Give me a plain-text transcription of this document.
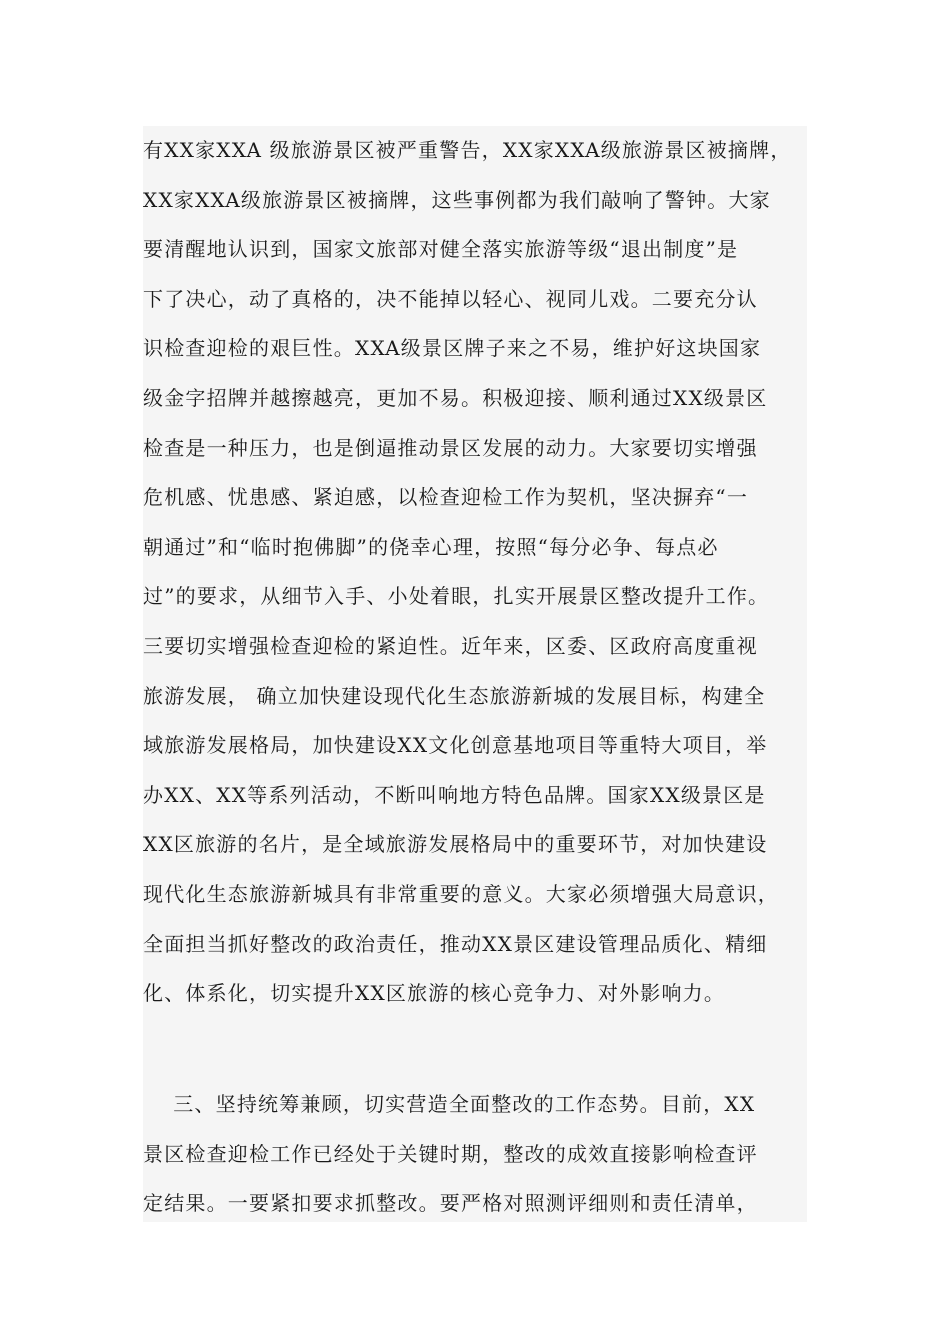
有XX家XXA 级旅游景区被严重警告，XX家XXA级旅游景区被摘牌，
XX家XXA级旅游景区被摘牌，这些事例都为我们敲响了警钟。大家
要清醒地认识到，国家文旅部对健全落实旅游等级“退出制度”是
下了决心，动了真格的，决不能掉以轻心、视同儿戏。二要充分认
识检查迎检的艰巨性。XXA级景区牌子来之不易，维护好这块国家
级金字招牌并越擦越亮，更加不易。积极迎接、顺利通过XX级景区
检查是一种压力，也是倒逼推动景区发展的动力。大家要切实增强
危机感、忧患感、紧迫感，以检查迎检工作为契机，坚决摒弃“一
朝通过”和“临时抱佛脚”的侥幸心理，按照“每分必争、每点必
过”的要求，从细节入手、小处着眼，扎实开展景区整改提升工作。
三要切实增强检查迎检的紧迫性。近年来，区委、区政府高度重视
旅游发展， 确立加快建设现代化生态旅游新城的发展目标，构建全
域旅游发展格局，加快建设XX文化创意基地项目等重特大项目，举
办XX、XX等系列活动，不断叫响地方特色品牌。国家XX级景区是
XX区旅游的名片，是全域旅游发展格局中的重要环节，对加快建设
现代化生态旅游新城具有非常重要的意义。大家必须增强大局意识，
全面担当抓好整改的政治责任，推动XX景区建设管理品质化、精细
化、体系化，切实提升XX区旅游的核心竞争力、对外影响力。
三、坚持统筹兼顾，切实营造全面整改的工作态势。目前，XX
景区检查迎检工作已经处于关键时期，整改的成效直接影响检查评
定结果。一要紧扣要求抓整改。要严格对照测评细则和责任清单，
